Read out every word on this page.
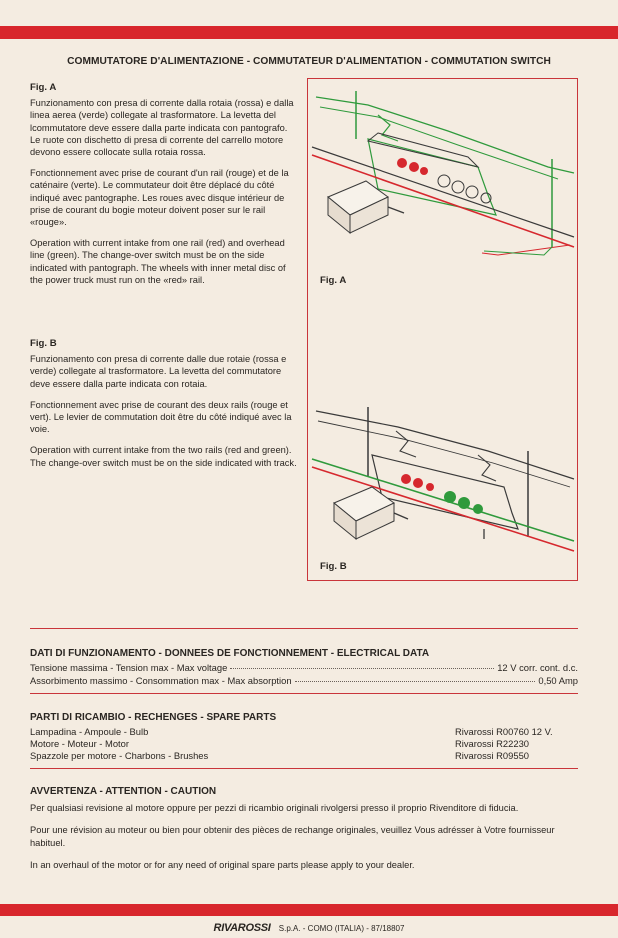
COMMUTATORE D'ALIMENTAZIONE - COMMUTATEUR D'ALIMENTATION - COMMUTATION SWITCH
Fig. A

Funzionamento con presa di corrente dalla rotaia (rossa) e dalla linea aerea (verde) collegate al trasformatore. La levetta del lcommutatore deve essere dalla parte indicata con pantografo. Le ruote con dischetto di presa di corrente del carrello motore devono essere collocate sulla rotaia rossa.

Fonctionnement avec prise de courant d'un rail (rouge) et de la caténaire (verte). Le commutateur doit être déplacé du côté indiqué avec pantographe. Les roues avec disque intérieur de prise de courant du bogie moteur doivent poser sur le rail «rouge».

Operation with current intake from one rail (red) and overhead line (green). The change-over switch must be on the side indicated with pantograph. The wheels with inner metal disc of the power truck must run on the «red» rail.

Fig. B

Funzionamento con presa di corrente dalle due rotaie (rossa e verde) collegate al trasformatore. La levetta del commutatore deve essere dalla parte indicata con rotaia.

Fonctionnement avec prise de courant des deux rails (rouge et vert). Le levier de commutation doit être du côté indiqué avec la voie.

Operation with current intake from the two rails (red and green). The change-over switch must be on the side indicated with track.

Fig. A
Fig. B
DATI DI FUNZIONAMENTO - DONNEES DE FONCTIONNEMENT - ELECTRICAL DATA
Tensione massima - Tension max - Max voltage	12 V corr. cont. d.c.
Assorbimento massimo - Consommation max - Max absorption	0,50 Amp
PARTI DI RICAMBIO - RECHENGES - SPARE PARTS
Lampadina - Ampoule - Bulb	Rivarossi R00760 12 V.
Motore - Moteur - Motor	Rivarossi R22230
Spazzole per motore - Charbons - Brushes	Rivarossi R09550
AVVERTENZA - ATTENTION - CAUTION

Per qualsiasi revisione al motore oppure per pezzi di ricambio originali rivolgersi presso il proprio Rivenditore di fiducia.

Pour une révision au moteur ou bien pour obtenir des pièces de rechange originales, veuillez Vous adrésser à Votre fournisseur habituel.

In an overhaul of the motor or for any need of original spare parts please apply to your dealer.

RIVAROSSI S.p.A. - COMO (ITALIA) - 87/18807
